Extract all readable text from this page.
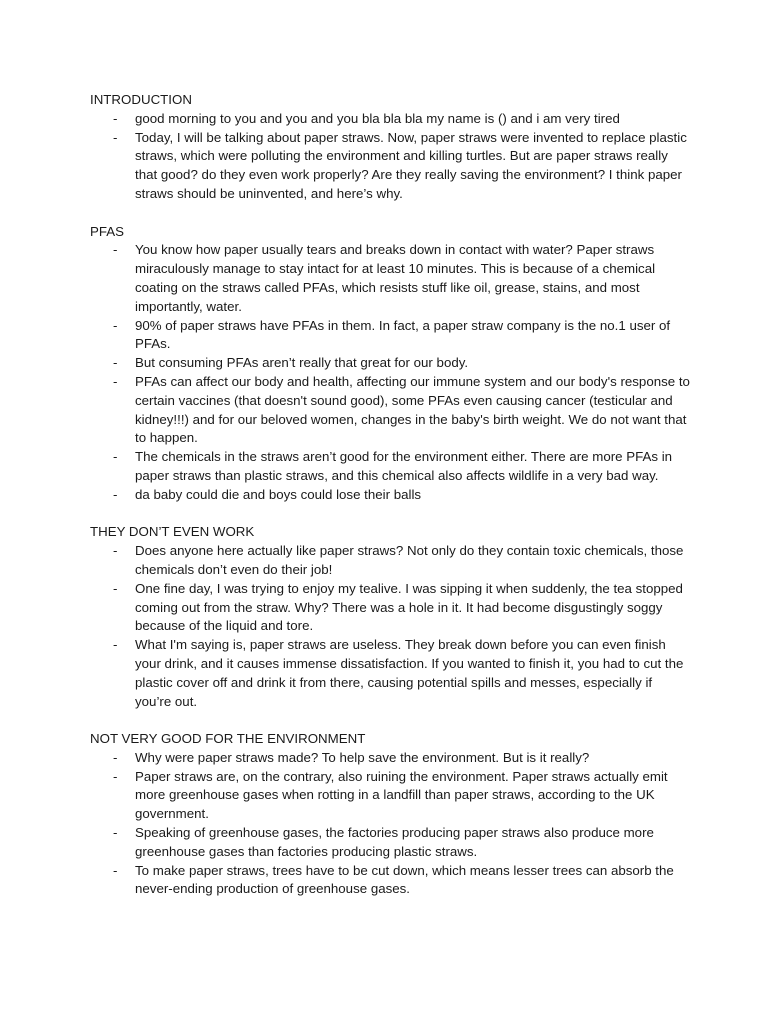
INTRODUCTION
- good morning to you and you and you bla bla bla my name is () and i am very tired
- Today, I will be talking about paper straws. Now, paper straws were invented to replace plastic straws, which were polluting the environment and killing turtles. But are paper straws really that good? do they even work properly? Are they really saving the environment? I think paper straws should be uninvented, and here’s why.
PFAS
- You know how paper usually tears and breaks down in contact with water? Paper straws miraculously manage to stay intact for at least 10 minutes. This is because of a chemical coating on the straws called PFAs, which resists stuff like oil, grease, stains, and most importantly, water.
- 90% of paper straws have PFAs in them. In fact, a paper straw company is the no.1 user of PFAs.
- But consuming PFAs aren’t really that great for our body.
- PFAs can affect our body and health, affecting our immune system and our body's response to certain vaccines (that doesn't sound good), some PFAs even causing cancer (testicular and kidney!!!) and for our beloved women, changes in the baby's birth weight. We do not want that to happen.
- The chemicals in the straws aren’t good for the environment either. There are more PFAs in paper straws than plastic straws, and this chemical also affects wildlife in a very bad way.
- da baby could die and boys could lose their balls
THEY DON’T EVEN WORK
- Does anyone here actually like paper straws? Not only do they contain toxic chemicals, those chemicals don’t even do their job!
- One fine day, I was trying to enjoy my tealive. I was sipping it when suddenly, the tea stopped coming out from the straw. Why? There was a hole in it. It had become disgustingly soggy because of the liquid and tore.
- What I'm saying is, paper straws are useless. They break down before you can even finish your drink, and it causes immense dissatisfaction. If you wanted to finish it, you had to cut the plastic cover off and drink it from there, causing potential spills and messes, especially if you’re out.
NOT VERY GOOD FOR THE ENVIRONMENT
- Why were paper straws made? To help save the environment. But is it really?
- Paper straws are, on the contrary, also ruining the environment. Paper straws actually emit more greenhouse gases when rotting in a landfill than paper straws, according to the UK government.
- Speaking of greenhouse gases, the factories producing paper straws also produce more greenhouse gases than factories producing plastic straws.
- To make paper straws, trees have to be cut down, which means lesser trees can absorb the never-ending production of greenhouse gases.
